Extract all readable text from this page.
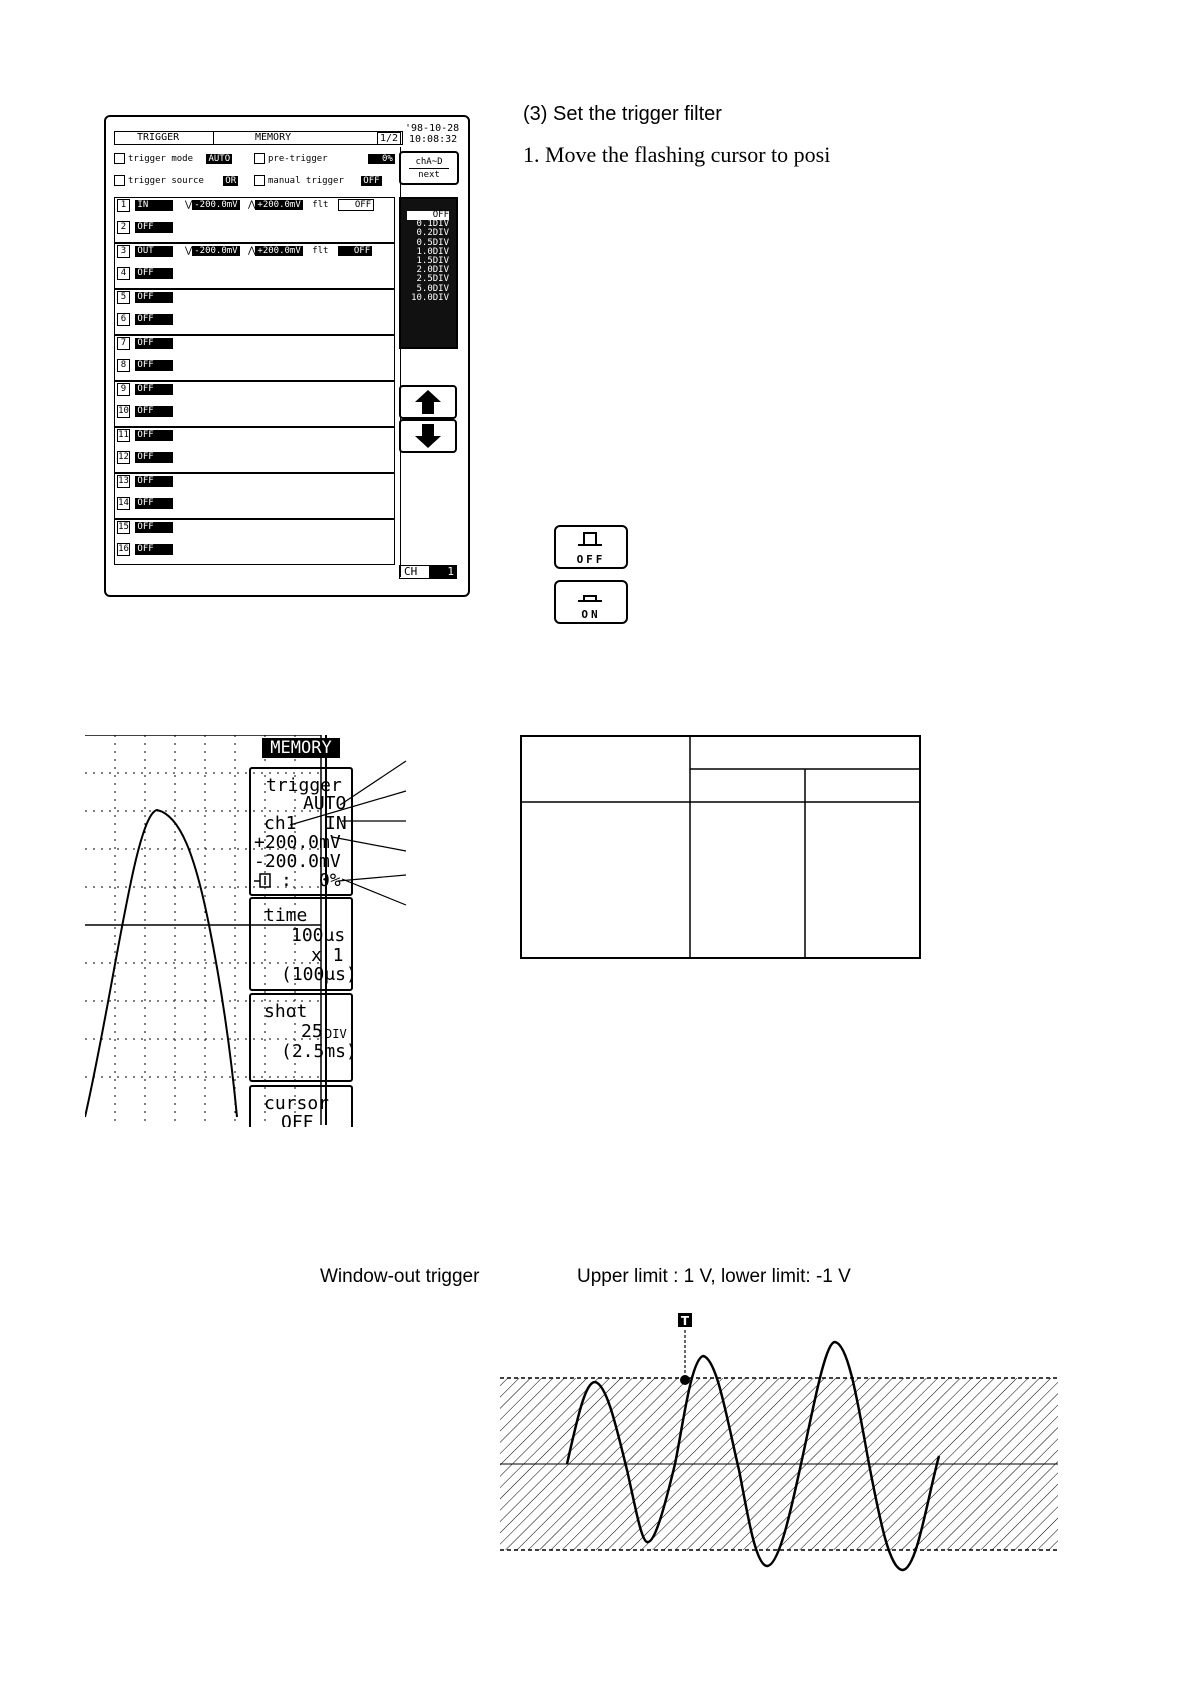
(3) Set the trigger filter
1. Move the flashing cursor to posi

TRIGGER

	MEMORY

	1/2

'98-10-28
10:08:32
trigger mode AUTO	pre-trigger	0%
trigger source OR	manual trigger OFF
1 IN	⋁ -200.0mV ⋀ +200.0mV flt	OFF
2 OFF
3 OUT	⋁ -200.0mV ⋀ +200.0mV flt	OFF
4 OFF
5 OFF
6 OFF
7 OFF
8 OFF
9 OFF
10 OFF
11 OFF
12 OFF
13 OFF
14 OFF
15 OFF
16 OFF
chA~D
next
OFF
0.1DIV
0.2DIV
0.5DIV
1.0DIV
1.5DIV
2.0DIV
2.5DIV
5.0DIV
10.0DIV
CH	1
OFF
ON
MEMORY
trigger
AUTO
ch1 IN
+200.0mV
-200.0mV
: 0%
time
100μs
x 1
(100μs)
shot
25 DIV
(2.5ms)
cursor
OFF
Window-out trigger	Upper limit : 1 V, lower limit: -1 V
T
